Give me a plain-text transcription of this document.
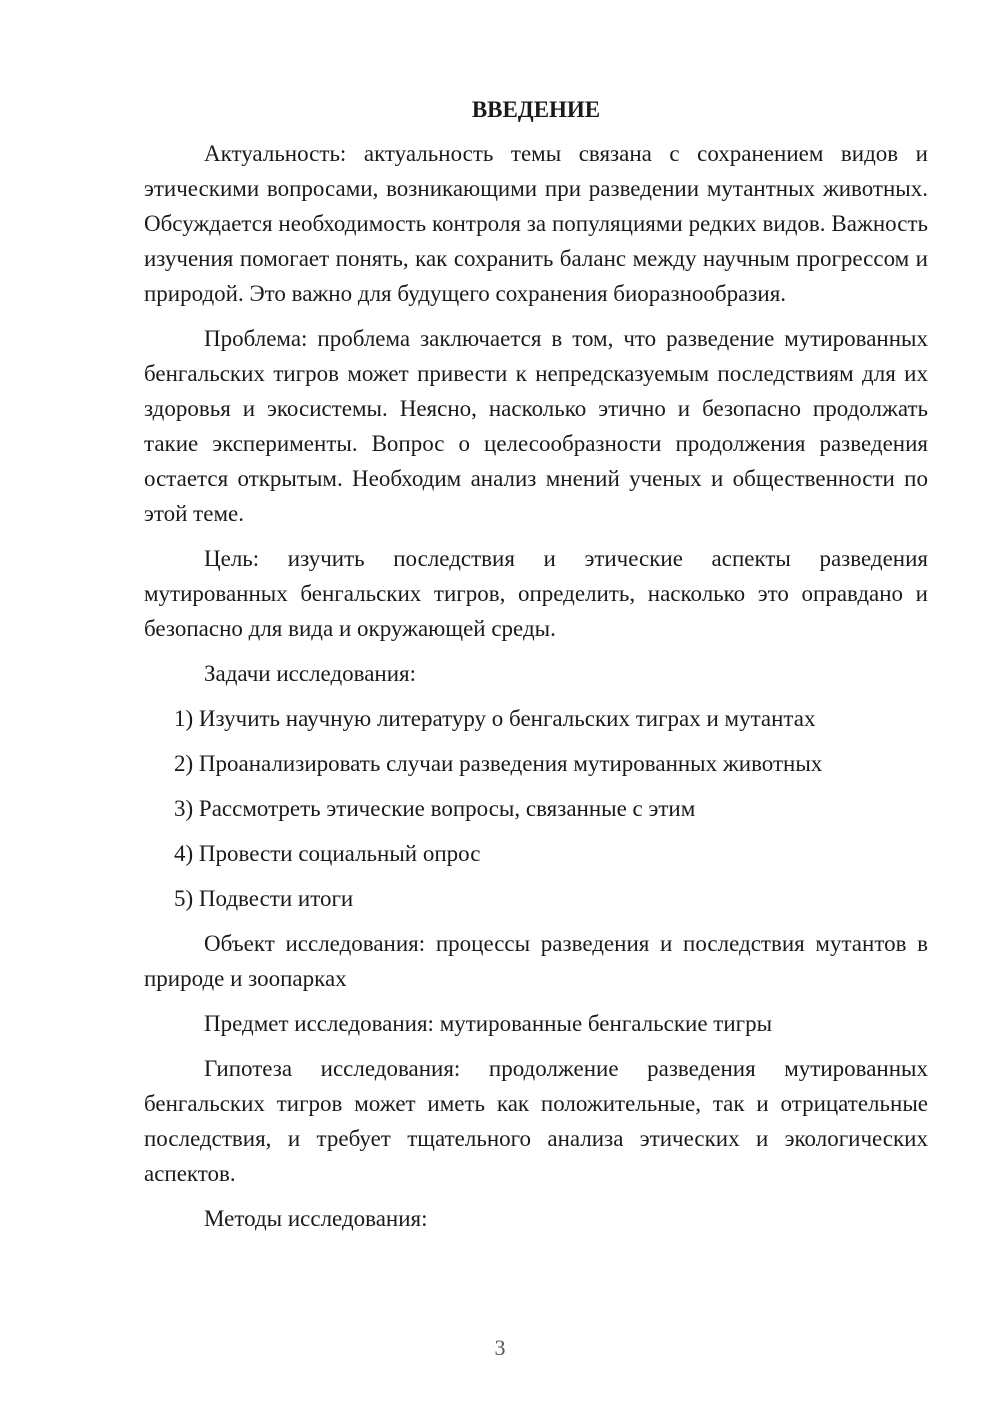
ВВЕДЕНИЕ

Актуальность: актуальность темы связана с сохранением видов и этическими вопросами, возникающими при разведении мутантных животных. Обсуждается необходимость контроля за популяциями редких видов. Важность изучения помогает понять, как сохранить баланс между научным прогрессом и природой. Это важно для будущего сохранения биоразнообразия.

Проблема: проблема заключается в том, что разведение мутированных бенгальских тигров может привести к непредсказуемым последствиям для их здоровья и экосистемы. Неясно, насколько этично и безопасно продолжать такие эксперименты. Вопрос о целесообразности продолжения разведения остается открытым. Необходим анализ мнений ученых и общественности по этой теме.

Цель: изучить последствия и этические аспекты разведения мутированных бенгальских тигров, определить, насколько это оправдано и безопасно для вида и окружающей среды.

Задачи исследования:

1) Изучить научную литературу о бенгальских тиграх и мутантах
2) Проанализировать случаи разведения мутированных животных
3) Рассмотреть этические вопросы, связанные с этим
4) Провести социальный опрос
5) Подвести итоги

Объект исследования: процессы разведения и последствия мутантов в природе и зоопарках

Предмет исследования: мутированные бенгальские тигры

Гипотеза исследования: продолжение разведения мутированных бенгальских тигров может иметь как положительные, так и отрицательные последствия, и требует тщательного анализа этических и экологических аспектов.

Методы исследования:

3
